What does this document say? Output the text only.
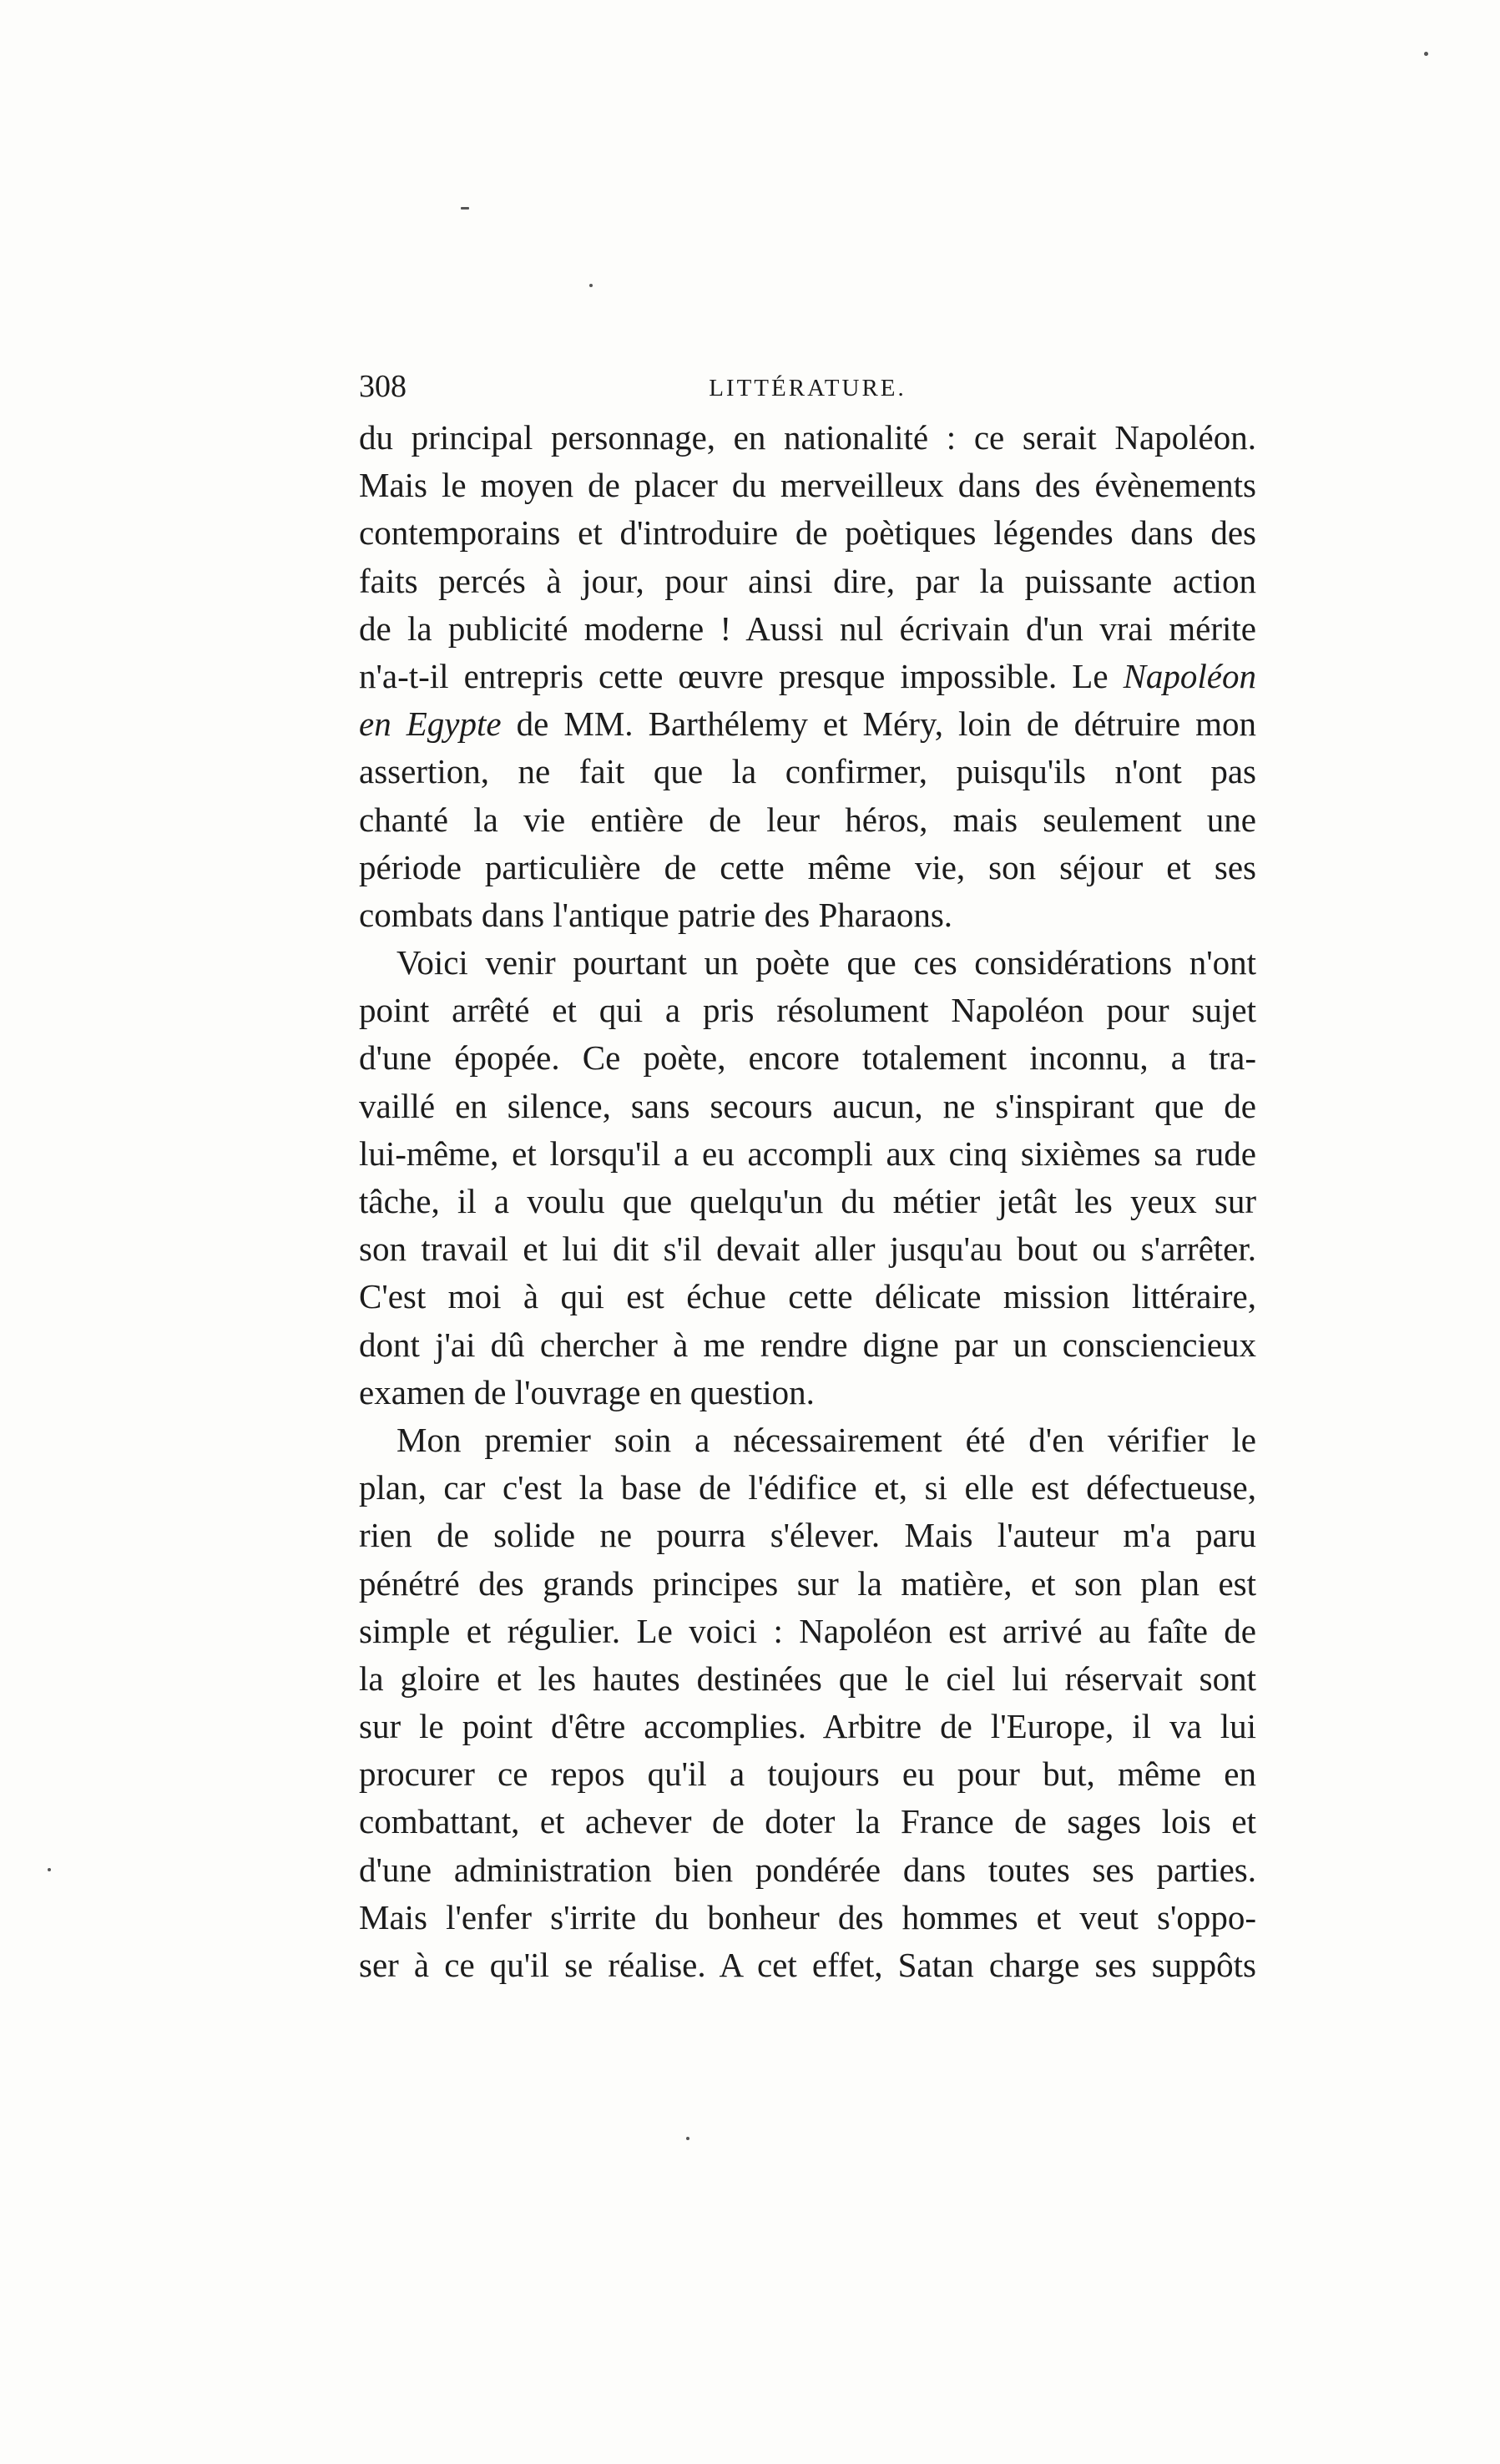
308	LITTÉRATURE.
du principal personnage, en nationalité : ce serait Napoléon.
Mais le moyen de placer du merveilleux dans des évènements
contemporains et d'introduire de poètiques légendes dans des
faits percés à jour, pour ainsi dire, par la puissante action
de la publicité moderne ! Aussi nul écrivain d'un vrai mérite
n'a-t-il entrepris cette œuvre presque impossible. Le Napoléon
en Egypte de MM. Barthélemy et Méry, loin de détruire mon
assertion, ne fait que la confirmer, puisqu'ils n'ont pas
chanté la vie entière de leur héros, mais seulement une
période particulière de cette même vie, son séjour et ses
combats dans l'antique patrie des Pharaons.
Voici venir pourtant un poète que ces considérations n'ont
point arrêté et qui a pris résolument Napoléon pour sujet
d'une épopée. Ce poète, encore totalement inconnu, a tra-
vaillé en silence, sans secours aucun, ne s'inspirant que de
lui-même, et lorsqu'il a eu accompli aux cinq sixièmes sa rude
tâche, il a voulu que quelqu'un du métier jetât les yeux sur
son travail et lui dit s'il devait aller jusqu'au bout ou s'arrêter.
C'est moi à qui est échue cette délicate mission littéraire,
dont j'ai dû chercher à me rendre digne par un consciencieux
examen de l'ouvrage en question.
Mon premier soin a nécessairement été d'en vérifier le
plan, car c'est la base de l'édifice et, si elle est défectueuse,
rien de solide ne pourra s'élever. Mais l'auteur m'a paru
pénétré des grands principes sur la matière, et son plan est
simple et régulier. Le voici : Napoléon est arrivé au faîte de
la gloire et les hautes destinées que le ciel lui réservait sont
sur le point d'être accomplies. Arbitre de l'Europe, il va lui
procurer ce repos qu'il a toujours eu pour but, même en
combattant, et achever de doter la France de sages lois et
d'une administration bien pondérée dans toutes ses parties.
Mais l'enfer s'irrite du bonheur des hommes et veut s'oppo-
ser à ce qu'il se réalise. A cet effet, Satan charge ses suppôts
